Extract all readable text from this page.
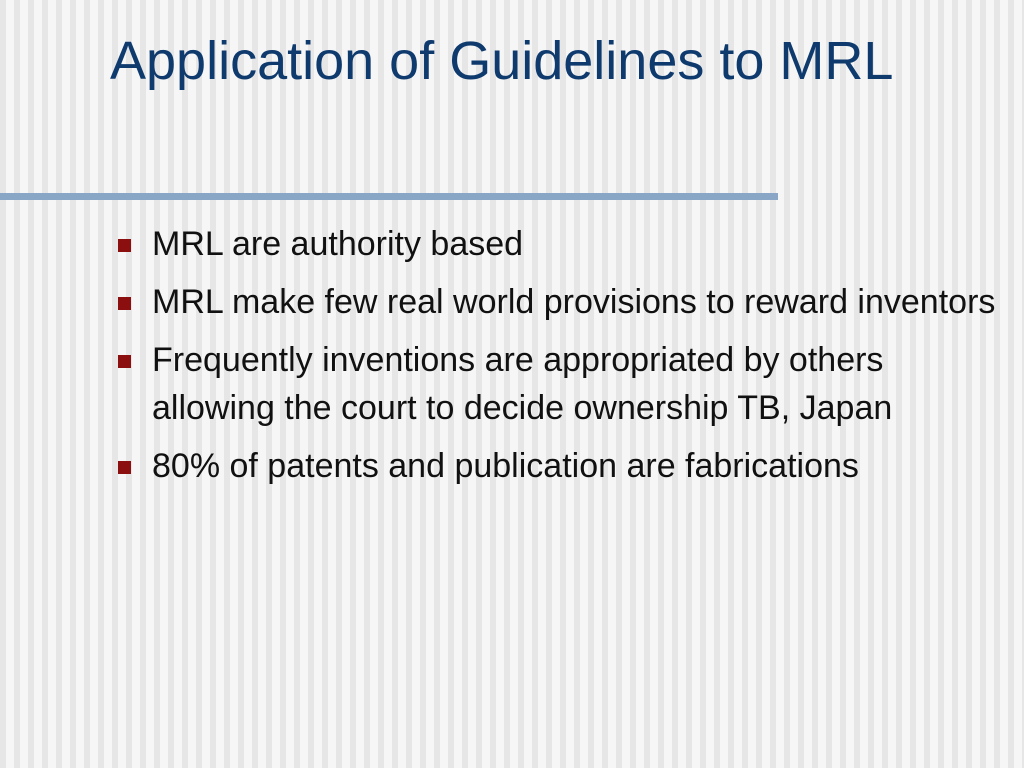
Application of Guidelines to MRL
MRL are authority based
MRL make few real world provisions to reward inventors
Frequently inventions are appropriated by others allowing the court to decide ownership TB, Japan
80% of patents and publication are fabrications
